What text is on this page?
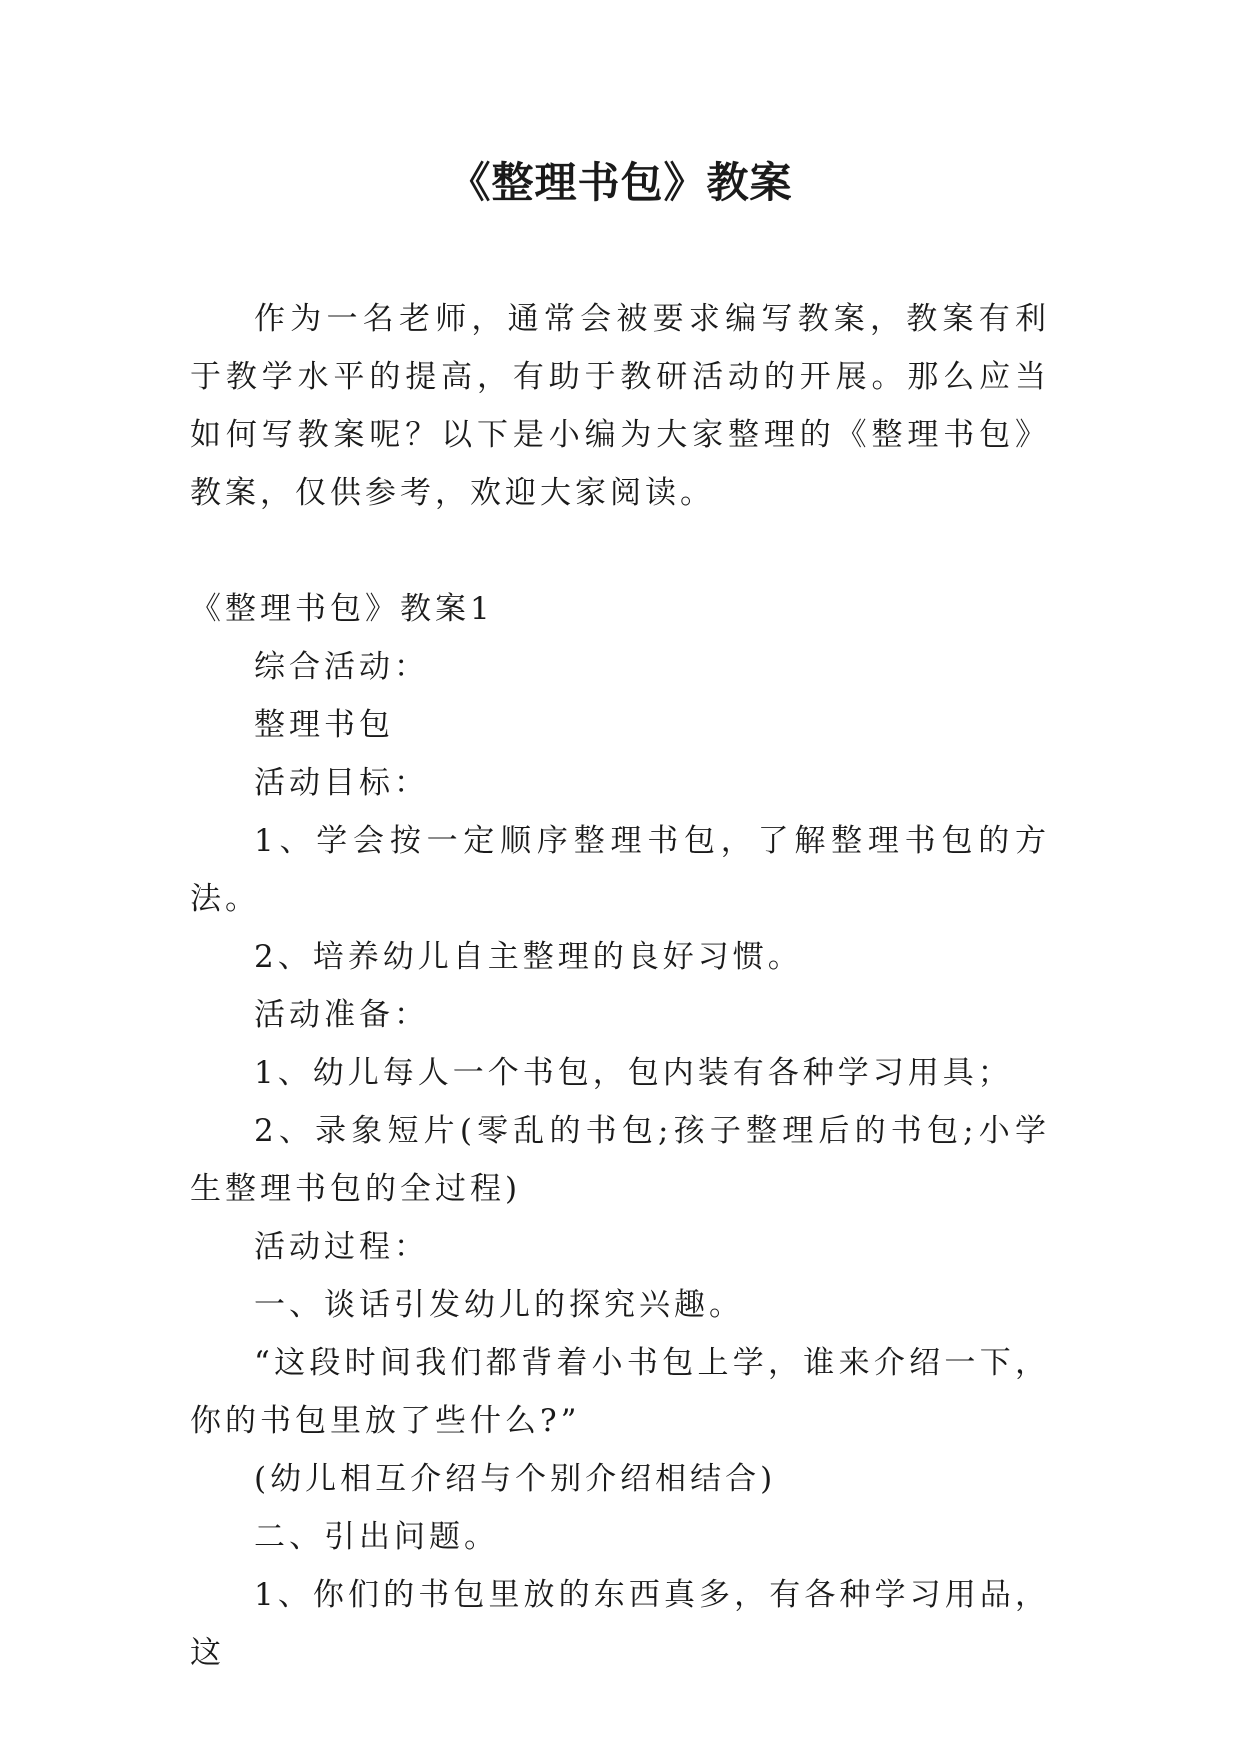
《整理书包》教案

作为一名老师，通常会被要求编写教案，教案有利于教学水平的提高，有助于教研活动的开展。那么应当如何写教案呢？以下是小编为大家整理的《整理书包》教案，仅供参考，欢迎大家阅读。

《整理书包》教案1

综合活动：

整理书包

活动目标：

1、学会按一定顺序整理书包，了解整理书包的方法。

2、培养幼儿自主整理的良好习惯。

活动准备：

1、幼儿每人一个书包，包内装有各种学习用具；

2、录象短片(零乱的书包;孩子整理后的书包;小学生整理书包的全过程)

活动过程：

一、谈话引发幼儿的探究兴趣。

“这段时间我们都背着小书包上学，谁来介绍一下，你的书包里放了些什么?”

(幼儿相互介绍与个别介绍相结合)

二、引出问题。

1、你们的书包里放的东西真多，有各种学习用品，这
